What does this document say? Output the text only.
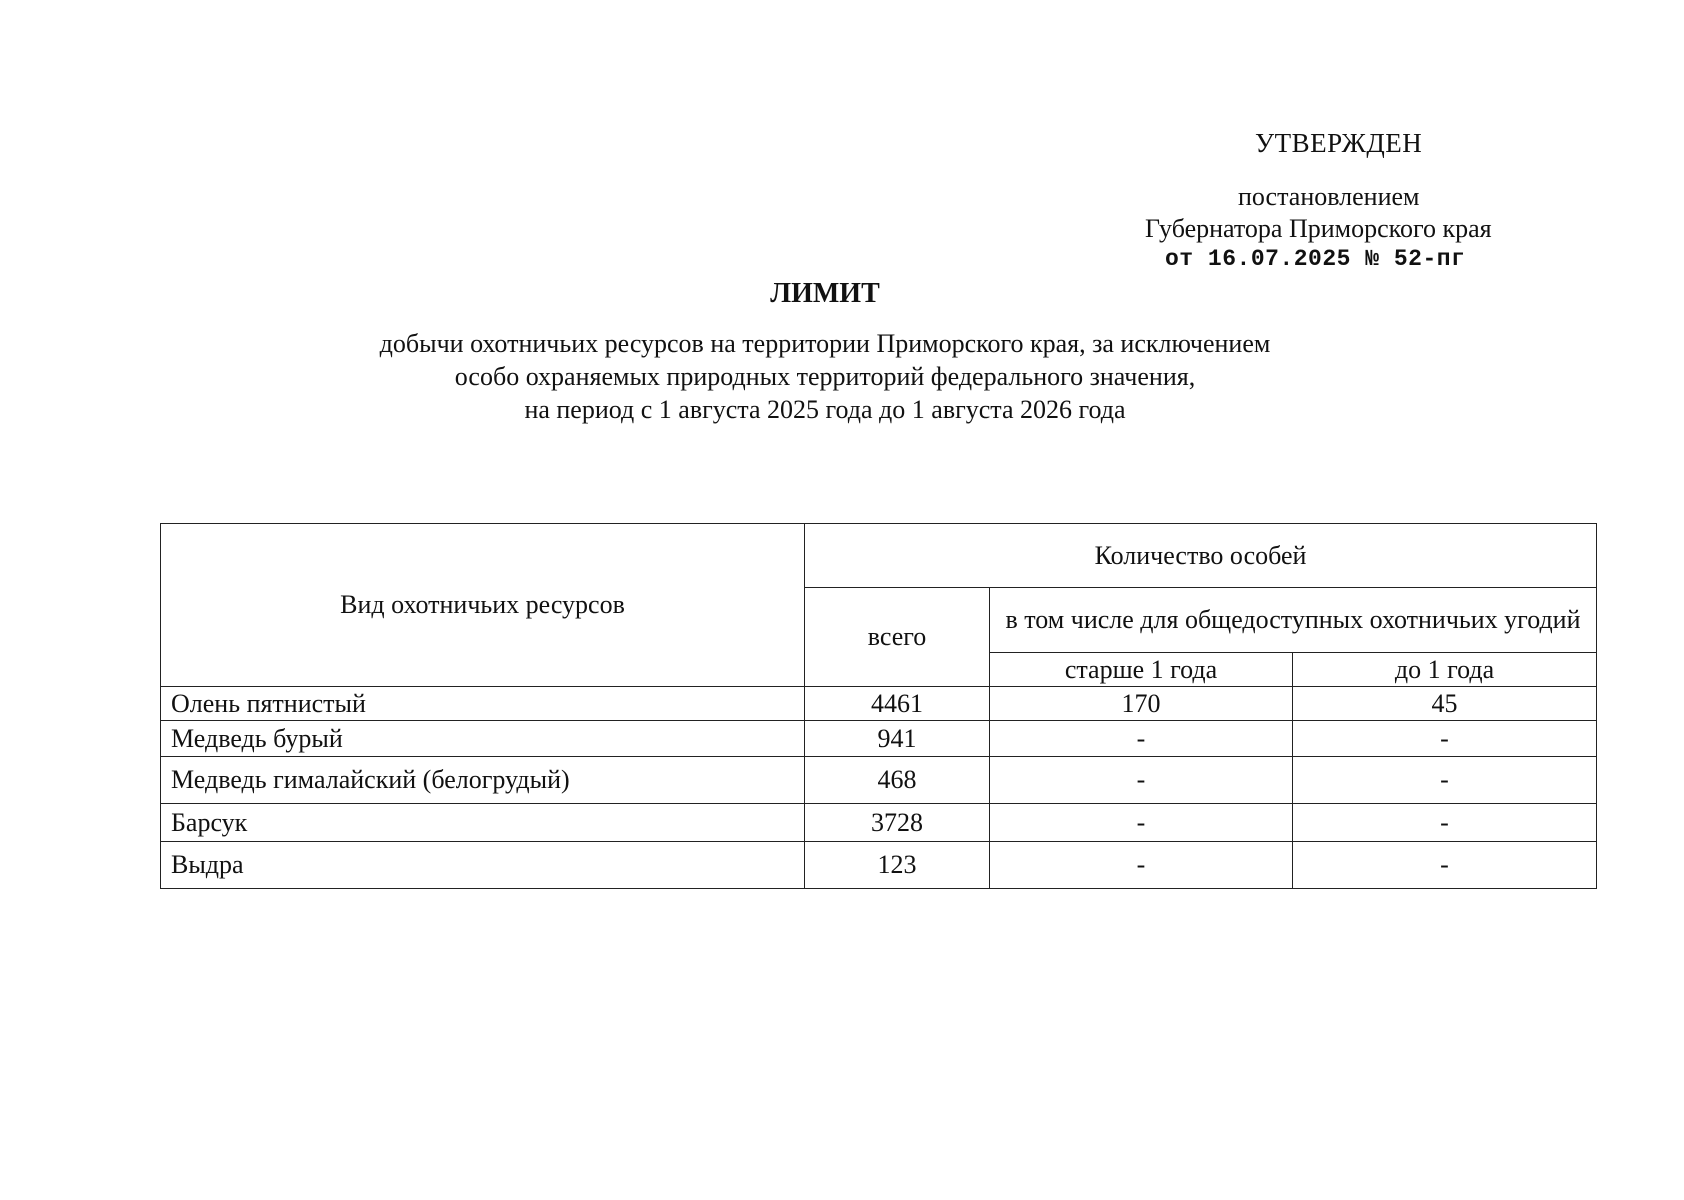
УТВЕРЖДЕН
постановлением
Губернатора Приморского края
от 16.07.2025 № 52-пг
ЛИМИТ
добычи охотничьих ресурсов на территории Приморского края, за исключением
особо охраняемых природных территорий федерального значения,
на период с 1 августа 2025 года до 1 августа 2026 года
Вид охотничьих ресурсов	Количество особей		
	всего	в том числе для общедоступных охотничьих угодий	
		старше 1 года	до 1 года
Олень пятнистый	4461	170	45
Медведь бурый	941	-	-
Медведь гималайский (белогрудый)	468	-	-
Барсук	3728	-	-
Выдра	123	-	-
